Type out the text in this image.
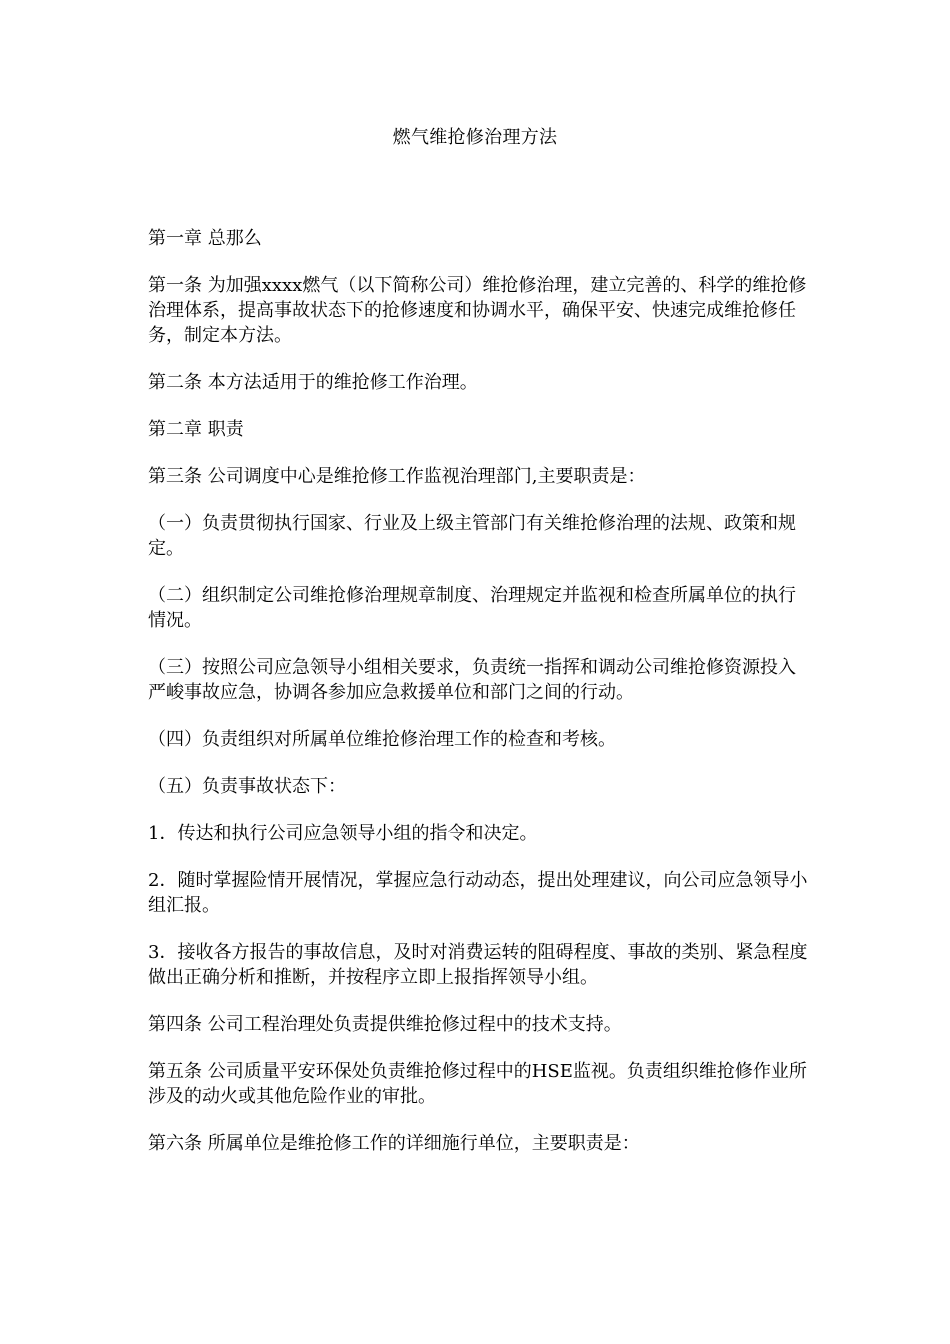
燃气维抢修治理方法

第一章 总那么

第一条 为加强xxxx燃气（以下简称公司）维抢修治理，建立完善的、科学的维抢修治理体系，提高事故状态下的抢修速度和协调水平，确保平安、快速完成维抢修任务，制定本方法。

第二条 本方法适用于的维抢修工作治理。

第二章 职责

第三条 公司调度中心是维抢修工作监视治理部门,主要职责是：

（一）负责贯彻执行国家、行业及上级主管部门有关维抢修治理的法规、政策和规定。

（二）组织制定公司维抢修治理规章制度、治理规定并监视和检查所属单位的执行情况。

（三）按照公司应急领导小组相关要求，负责统一指挥和调动公司维抢修资源投入严峻事故应急，协调各参加应急救援单位和部门之间的行动。

（四）负责组织对所属单位维抢修治理工作的检查和考核。

（五）负责事故状态下：

1．传达和执行公司应急领导小组的指令和决定。

2．随时掌握险情开展情况，掌握应急行动动态，提出处理建议，向公司应急领导小组汇报。

3．接收各方报告的事故信息，及时对消费运转的阻碍程度、事故的类别、紧急程度做出正确分析和推断，并按程序立即上报指挥领导小组。

第四条 公司工程治理处负责提供维抢修过程中的技术支持。

第五条 公司质量平安环保处负责维抢修过程中的HSE监视。负责组织维抢修作业所涉及的动火或其他危险作业的审批。

第六条 所属单位是维抢修工作的详细施行单位，主要职责是：
